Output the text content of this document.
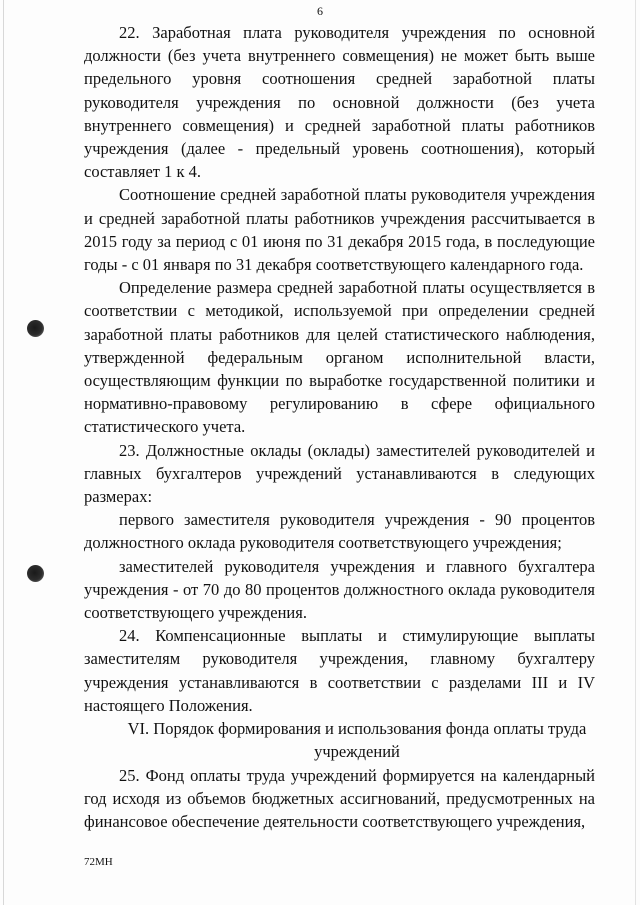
6

22. Заработная плата руководителя учреждения по основной должности (без учета внутреннего совмещения) не может быть выше предельного уровня соотношения средней заработной платы руководителя учреждения по основной должности (без учета внутреннего совмещения) и средней заработной платы работников учреждения (далее - предельный уровень соотношения), который составляет 1 к 4.

Соотношение средней заработной платы руководителя учреждения и средней заработной платы работников учреждения рассчитывается в 2015 году за период с 01 июня по 31 декабря 2015 года, в последующие годы - с 01 января по 31 декабря соответствующего календарного года.

Определение размера средней заработной платы осуществляется в соответствии с методикой, используемой при определении средней заработной платы работников для целей статистического наблюдения, утвержденной федеральным органом исполнительной власти, осуществляющим функции по выработке государственной политики и нормативно-правовому регулированию в сфере официального статистического учета.

23. Должностные оклады (оклады) заместителей руководителей и главных бухгалтеров учреждений устанавливаются в следующих размерах:

первого заместителя руководителя учреждения - 90 процентов должностного оклада руководителя соответствующего учреждения;

заместителей руководителя учреждения и главного бухгалтера учреждения - от 70 до 80 процентов должностного оклада руководителя соответствующего учреждения.

24. Компенсационные выплаты и стимулирующие выплаты заместителям руководителя учреждения, главному бухгалтеру учреждения устанавливаются в соответствии с разделами III и IV настоящего Положения.

VI. Порядок формирования и использования фонда оплаты труда
учреждений

25. Фонд оплаты труда учреждений формируется на календарный год исходя из объемов бюджетных ассигнований, предусмотренных на финансовое обеспечение деятельности соответствующего учреждения,

72МН
